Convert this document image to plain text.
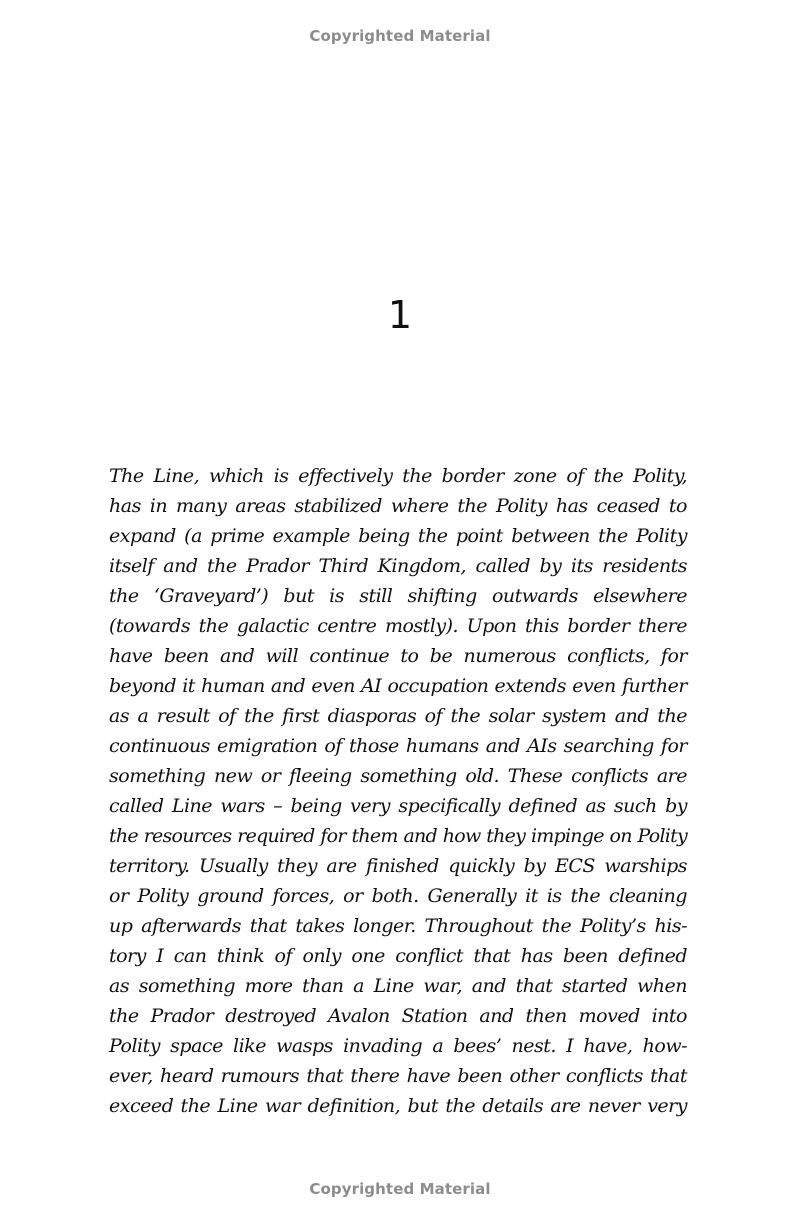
Copyrighted Material
1
The Line, which is effectively the border zone of the Polity,
has in many areas stabilized where the Polity has ceased to
expand (a prime example being the point between the Polity
itself and the Prador Third Kingdom, called by its residents
the ‘Graveyard’) but is still shifting outwards elsewhere
(towards the galactic centre mostly). Upon this border there
have been and will continue to be numerous conflicts, for
beyond it human and even AI occupation extends even further
as a result of the first diasporas of the solar system and the
continuous emigration of those humans and AIs searching for
something new or fleeing something old. These conflicts are
called Line wars – being very specifically defined as such by
the resources required for them and how they impinge on Polity
territory. Usually they are finished quickly by ECS warships
or Polity ground forces, or both. Generally it is the cleaning
up afterwards that takes longer. Throughout the Polity’s his-
tory I can think of only one conflict that has been defined
as something more than a Line war, and that started when
the Prador destroyed Avalon Station and then moved into
Polity space like wasps invading a bees’ nest. I have, how-
ever, heard rumours that there have been other conflicts that
exceed the Line war definition, but the details are never very
Copyrighted Material
